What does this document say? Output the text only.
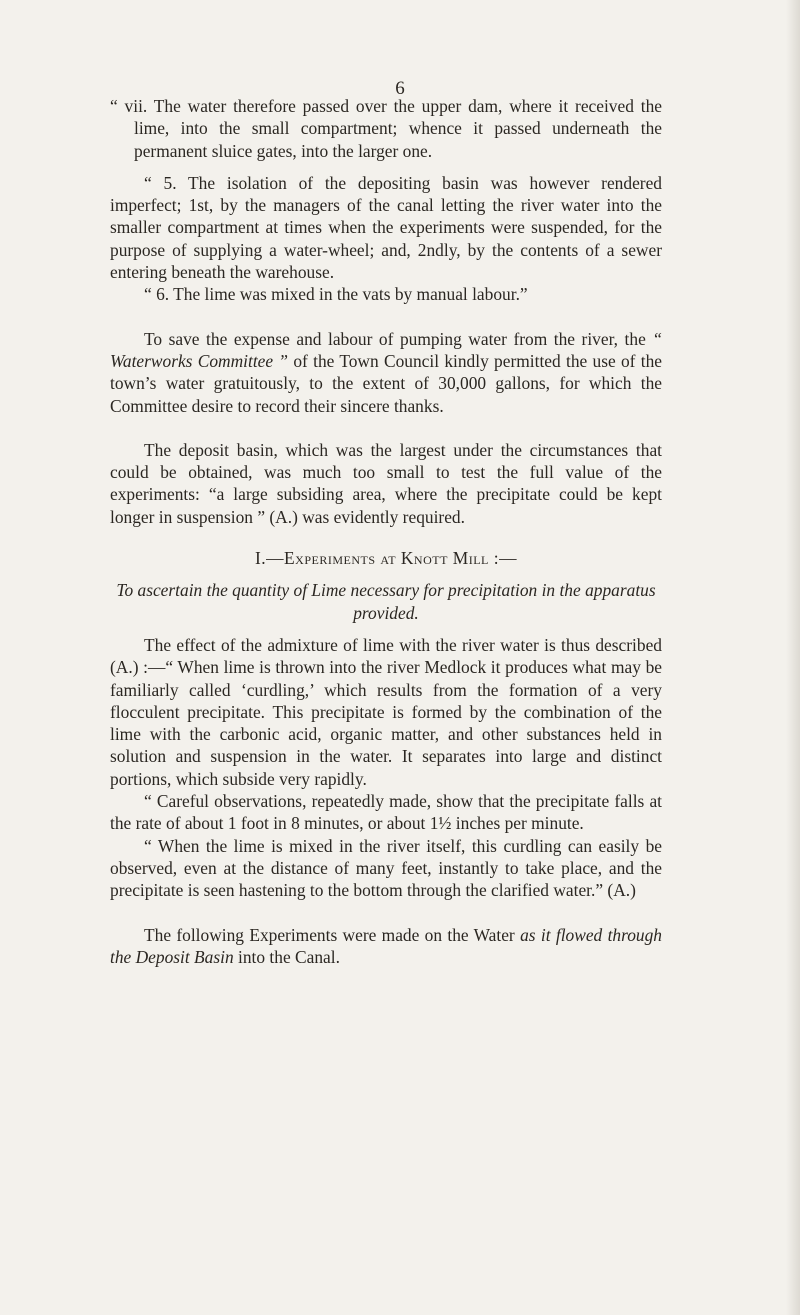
6

“ vii. The water therefore passed over the upper dam, where it received the lime, into the small compartment; whence it passed underneath the permanent sluice gates, into the larger one.

“ 5. The isolation of the depositing basin was however rendered imperfect; 1st, by the managers of the canal letting the river water into the smaller compartment at times when the experiments were suspended, for the purpose of supplying a water-wheel; and, 2ndly, by the contents of a sewer entering beneath the warehouse.

“ 6. The lime was mixed in the vats by manual labour.”

To save the expense and labour of pumping water from the river, the “ Waterworks Committee ” of the Town Council kindly permitted the use of the town’s water gratuitously, to the extent of 30,000 gallons, for which the Committee desire to record their sincere thanks.

The deposit basin, which was the largest under the circumstances that could be obtained, was much too small to test the full value of the experiments: “a large subsiding area, where the precipitate could be kept longer in suspension ” (A.) was evidently required.

I.—Experiments at Knott Mill :—

To ascertain the quantity of Lime necessary for precipitation in the apparatus provided.

The effect of the admixture of lime with the river water is thus described (A.) :—“ When lime is thrown into the river Medlock it produces what may be familiarly called ‘curdling,’ which results from the formation of a very flocculent precipitate. This precipitate is formed by the combination of the lime with the carbonic acid, organic matter, and other substances held in solution and suspension in the water. It separates into large and distinct portions, which subside very rapidly.

“ Careful observations, repeatedly made, show that the precipitate falls at the rate of about 1 foot in 8 minutes, or about 1½ inches per minute.

“ When the lime is mixed in the river itself, this curdling can easily be observed, even at the distance of many feet, instantly to take place, and the precipitate is seen hastening to the bottom through the clarified water.” (A.)

The following Experiments were made on the Water as it flowed through the Deposit Basin into the Canal.
